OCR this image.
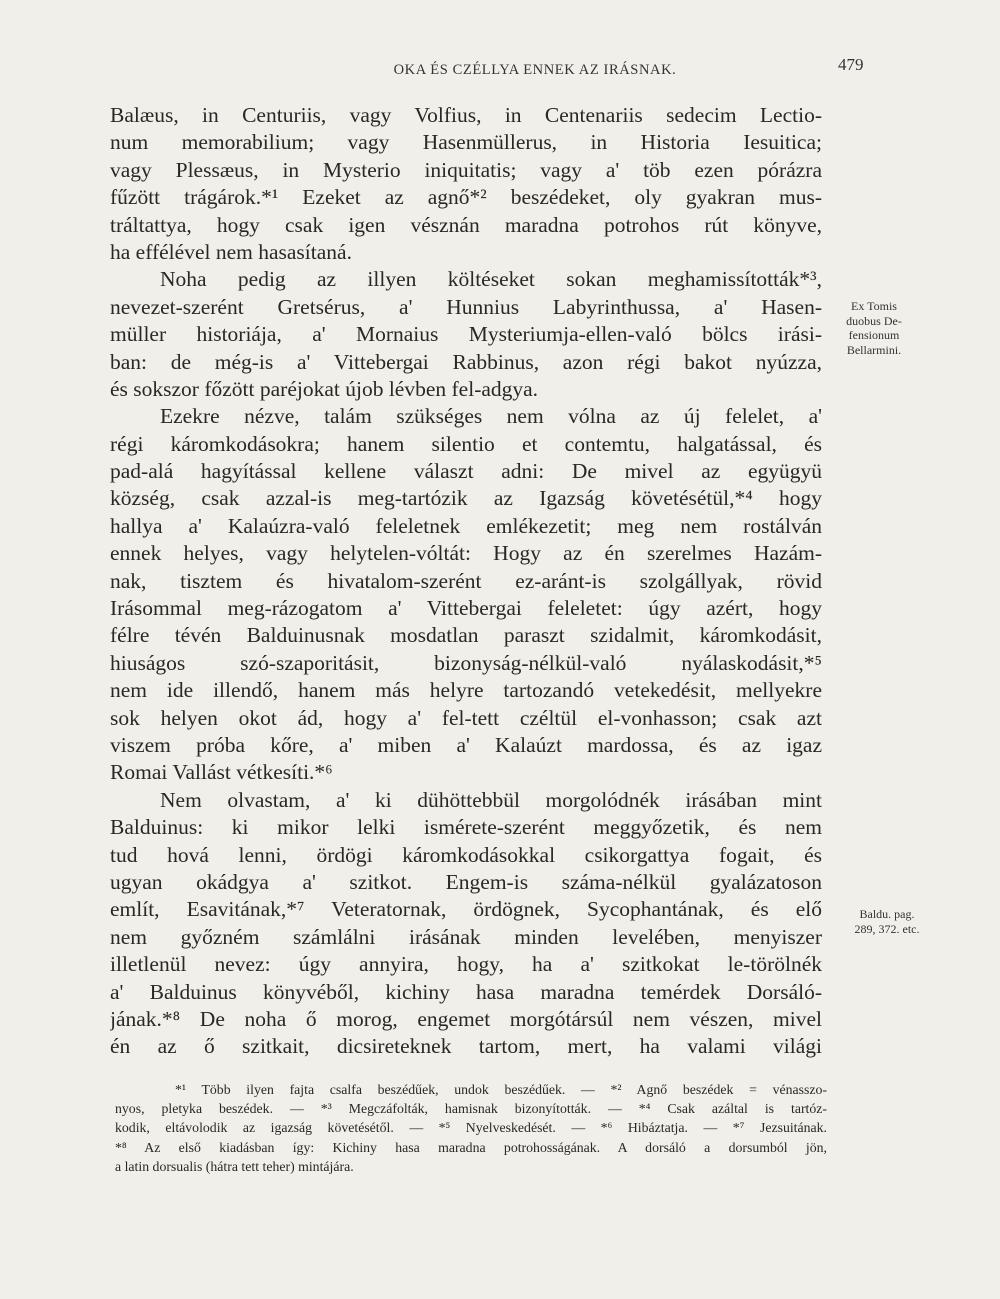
OKA ÉS CZÉLLYA ENNEK AZ IRÁSNAK.	479
Balæus, in Centuriis, vagy Volfius, in Centenariis sedecim Lectio-
num memorabilium; vagy Hasenmüllerus, in Historia Iesuitica;
vagy Plessæus, in Mysterio iniquitatis; vagy a' töb ezen pórázra
fűzött trágárok.*¹ Ezeket az agnő*² beszédeket, oly gyakran mus-
tráltattya, hogy csak igen vésznán maradna potrohos rút könyve,
ha effélével nem hasasítaná.
Noha pedig az illyen költéseket sokan meghamissították*³,
nevezet-szerént Gretsérus, a' Hunnius Labyrinthussa, a' Hasen-
müller historiája, a' Mornaius Mysteriumja-ellen-való bölcs irási-
ban: de még-is a' Vittebergai Rabbinus, azon régi bakot nyúzza,
és sokszor főzött paréjokat újob lévben fel-adgya.
Ezekre nézve, talám szükséges nem vólna az új felelet, a'
régi káromkodásokra; hanem silentio et contemtu, halgatással, és
pad-alá hagyítással kellene választ adni: De mivel az együgyü
község, csak azzal-is meg-tartózik az Igazság követésétül,*⁴ hogy
hallya a' Kalaúzra-való feleletnek emlékezetit; meg nem rostálván
ennek helyes, vagy helytelen-vóltát: Hogy az én szerelmes Hazám-
nak, tisztem és hivatalom-szerént ez-aránt-is szolgállyak, rövid
Irásommal meg-rázogatom a' Vittebergai feleletet: úgy azért, hogy
félre tévén Balduinusnak mosdatlan paraszt szidalmit, káromkodásit,
hiuságos szó-szaporitásit, bizonyság-nélkül-való nyálaskodásit,*⁵
nem ide illendő, hanem más helyre tartozandó vetekedésit, mellyekre
sok helyen okot ád, hogy a' fel-tett czéltül el-vonhasson; csak azt
viszem próba kőre, a' miben a' Kalaúzt mardossa, és az igaz
Romai Vallást vétkesíti.*⁶
Nem olvastam, a' ki dühöttebbül morgolódnék irásában mint
Balduinus: ki mikor lelki ismérete-szerént meggyőzetik, és nem
tud hová lenni, ördögi káromkodásokkal csikorgattya fogait, és
ugyan okádgya a' szitkot. Engem-is száma-nélkül gyalázatoson
említ, Esavitának,*⁷ Veteratornak, ördögnek, Sycophantának, és elő
nem győzném számlálni irásának minden levelében, menyiszer
illetlenül nevez: úgy annyira, hogy, ha a' szitkokat le-törölnék
a' Balduinus könyvéből, kichiny hasa maradna temérdek Dorsáló-
jának.*⁸ De noha ő morog, engemet morgótársúl nem vészen, mivel
én az ő szitkait, dicsireteknek tartom, mert, ha valami világi
Ex Tomis
duobus De-
fensionum
Bellarmini.
Baldu. pag.
289, 372. etc.
*¹ Több ilyen fajta csalfa beszédűek, undok beszédűek. — *² Agnő beszédek = vénasszo-
nyos, pletyka beszédek. — *³ Megczáfolták, hamisnak bizonyították. — *⁴ Csak azáltal is tartóz-
kodik, eltávolodik az igazság követésétől. — *⁵ Nyelveskedését. — *⁶ Hibáztatja. — *⁷ Jezsuitának.
*⁸ Az első kiadásban így: Kichiny hasa maradna potrohosságának. A dorsáló a dorsumból jön,
a latin dorsualis (hátra tett teher) mintájára.
